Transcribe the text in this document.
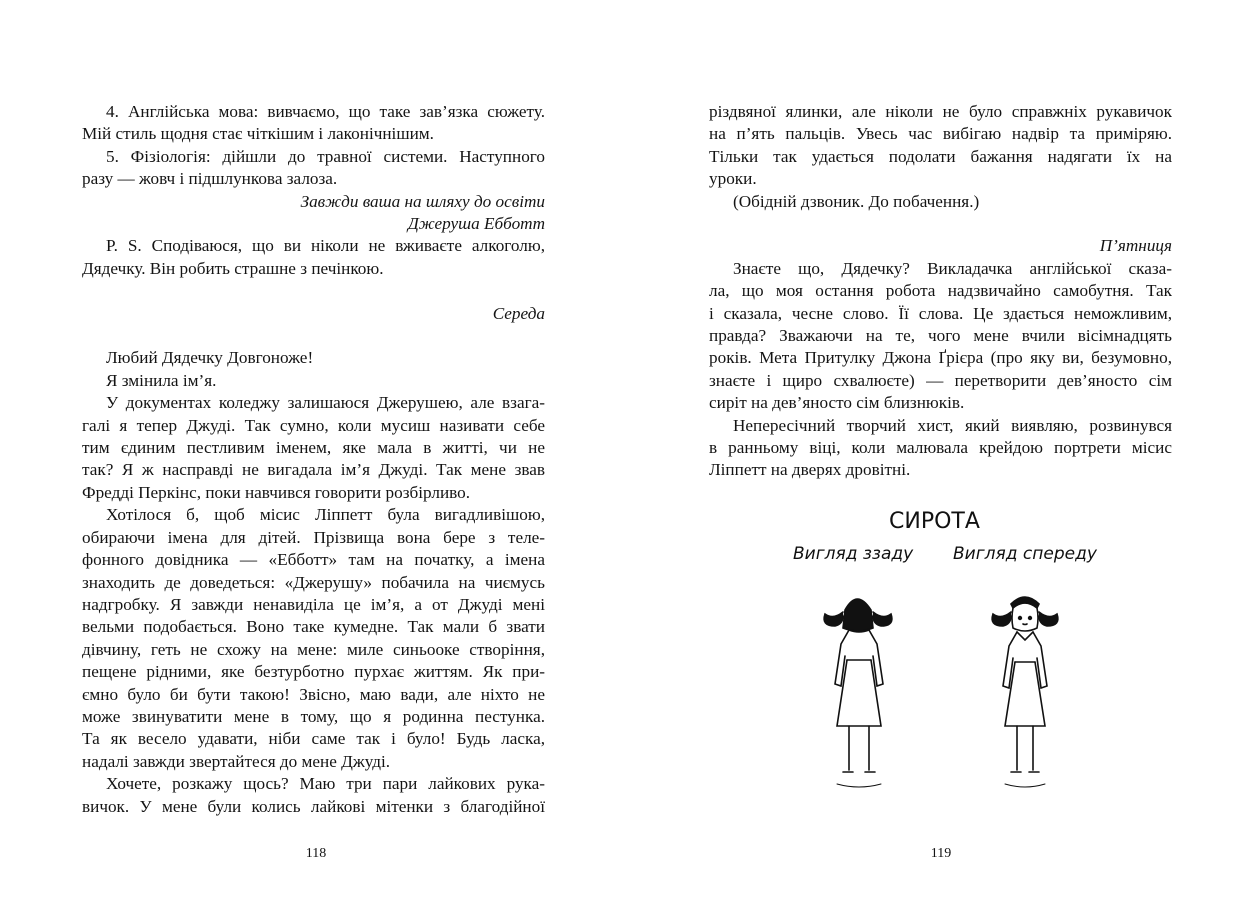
4. Англійська мова: вивчаємо, що таке зав’язка сюжету.

Мій стиль щодня стає чіткішим і лаконічнішим.

5. Фізіологія: дійшли до травної системи. Наступного

разу — жовч і підшлункова залоза.

Завжди ваша на шляху до освіти

Джеруша Ебботт

P. S. Сподіваюся, що ви ніколи не вживаєте алкоголю,

Дядечку. Він робить страшне з печінкою.

Середа

Любий Дядечку Довгоноже!

Я змінила ім’я.

У документах коледжу залишаюся Джерушею, але взага-

галі я тепер Джуді. Так сумно, коли мусиш називати себе

тим єдиним пестливим іменем, яке мала в житті, чи не

так? Я ж насправді не вигадала ім’я Джуді. Так мене звав

Фредді Перкінс, поки навчився говорити розбірливо.

Хотілося б, щоб місис Ліппетт була вигадливішою,

обираючи імена для дітей. Прізвища вона бере з теле-

фонного довідника — «Ебботт» там на початку, а імена

знаходить де доведеться: «Джерушу» побачила на чиємусь

надгробку. Я завжди ненавиділа це ім’я, а от Джуді мені

вельми подобається. Воно таке кумедне. Так мали б звати

дівчину, геть не схожу на мене: миле синьооке створіння,

пещене рідними, яке безтурботно пурхає життям. Як при-

ємно було би бути такою! Звісно, маю вади, але ніхто не

може звинуватити мене в тому, що я родинна пестунка.

Та як весело удавати, ніби саме так і було! Будь ласка,

надалі завжди звертайтеся до мене Джуді.

Хочете, розкажу щось? Маю три пари лайкових рука-

вичок. У мене були колись лайкові мітенки з благодійної

118

різдвяної ялинки, але ніколи не було справжніх рукавичок

на п’ять пальців. Увесь час вибігаю надвір та приміряю.

Тільки так удається подолати бажання надягати їх на

уроки.

(Обідній дзвоник. До побачення.)

П’ятниця

Знаєте що, Дядечку? Викладачка англійської сказа-

ла, що моя остання робота надзвичайно самобутня. Так

і сказала, чесне слово. Її слова. Це здається неможливим,

правда? Зважаючи на те, чого мене вчили вісімнадцять

років. Мета Притулку Джона Ґрієра (про яку ви, безумовно,

знаєте і щиро схвалюєте) — перетворити дев’яносто сім

сиріт на дев’яносто сім близнюків.

Непересічний творчий хист, який виявляю, розвинувся

в ранньому віці, коли малювала крейдою портрети місис

Ліппетт на дверях дровітні.

СИРОТА
Вигляд ззаду Вигляд спереду
119
